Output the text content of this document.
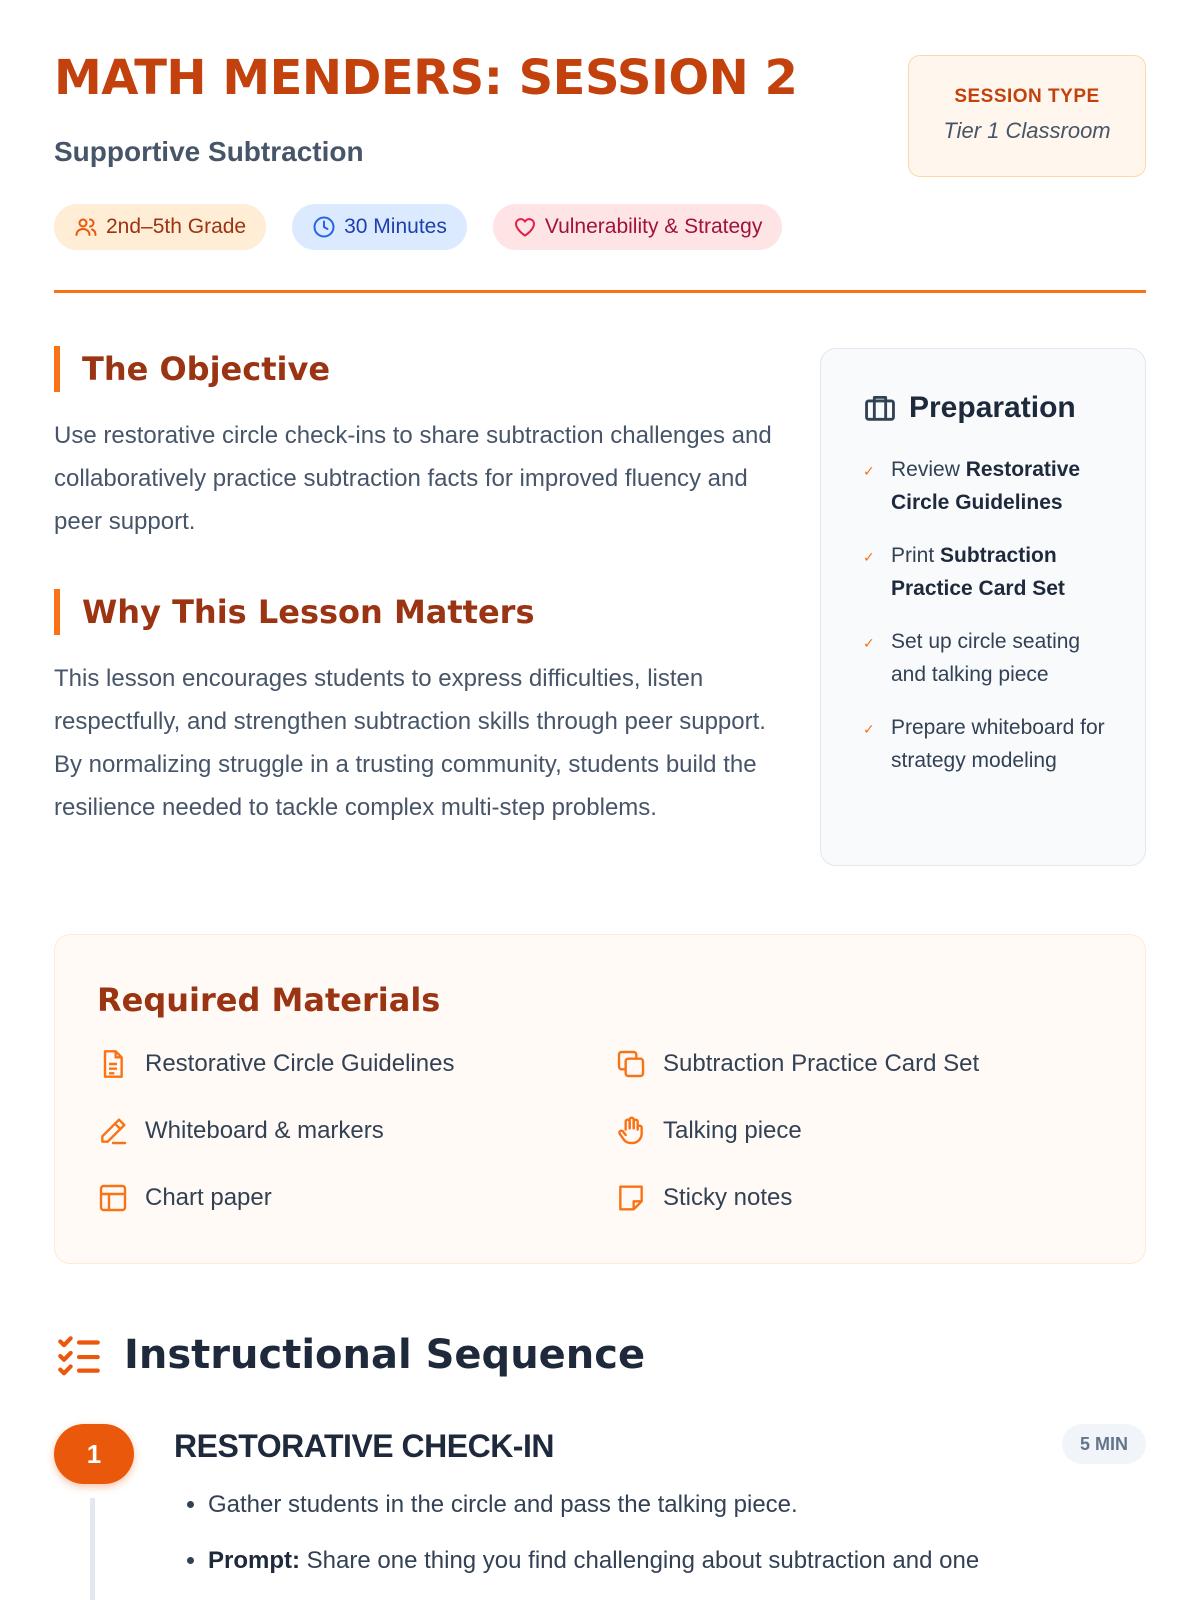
MATH MENDERS: SESSION 2
Supportive Subtraction
SESSION TYPE
Tier 1 Classroom
2nd–5th Grade	30 Minutes	Vulnerability & Strategy
The Objective

Use restorative circle check-ins to share subtraction challenges and collaboratively practice subtraction facts for improved fluency and peer support.

Why This Lesson Matters

This lesson encourages students to express difficulties, listen respectfully, and strengthen subtraction skills through peer support. By normalizing struggle in a trusting community, students build the resilience needed to tackle complex multi-step problems.

Preparation
✓ Review Restorative Circle Guidelines
✓ Print Subtraction Practice Card Set
✓ Set up circle seating and talking piece
✓ Prepare whiteboard for strategy modeling
Required Materials
Restorative Circle Guidelines	Subtraction Practice Card Set
Whiteboard & markers	Talking piece
Chart paper	Sticky notes
Instructional Sequence
1	RESTORATIVE CHECK-IN	5 MIN
• Gather students in the circle and pass the talking piece.
• Prompt: Share one thing you find challenging about subtraction and one
